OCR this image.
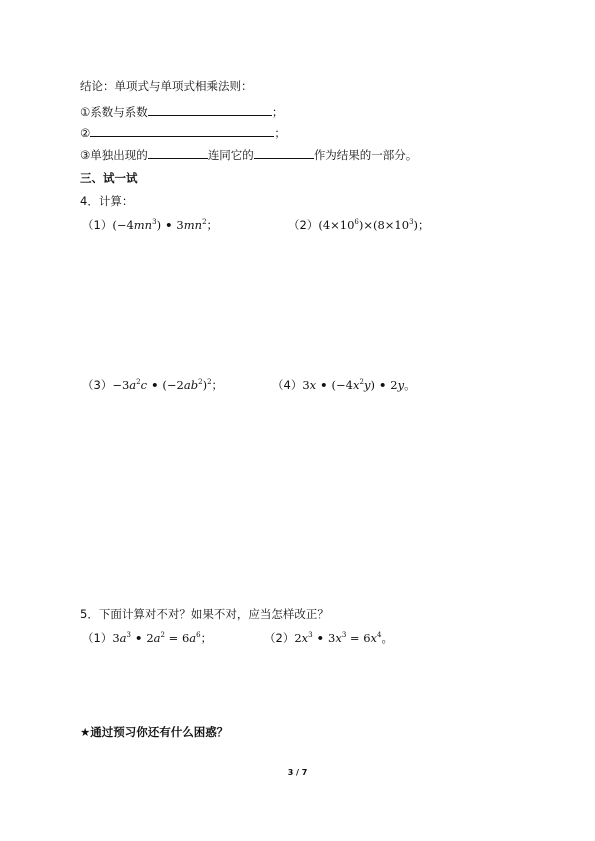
结论：单项式与单项式相乘法则：
①系数与系数	；
②	；
③单独出现的	连同它的	作为结果的一部分。
三、试一试
4．计算：
$(1)(-4mn^3)$ • $3mn^2$；	$(2)(4\times 10^6)\times(8\times 10^3)$；
$(3)-3a^2c$ • $(-2ab^2)^2$；	（4）3x • $(-4x^2y)$ • 2y。
5．下面计算对不对？如果不对，应当怎样改正？
$(1)3a^3$ • $2a^2 = 6a^6$；	$(2)2x^3$ • $3x^3 = 6x^4$。
★通过预习你还有什么困惑？
3 / 7
